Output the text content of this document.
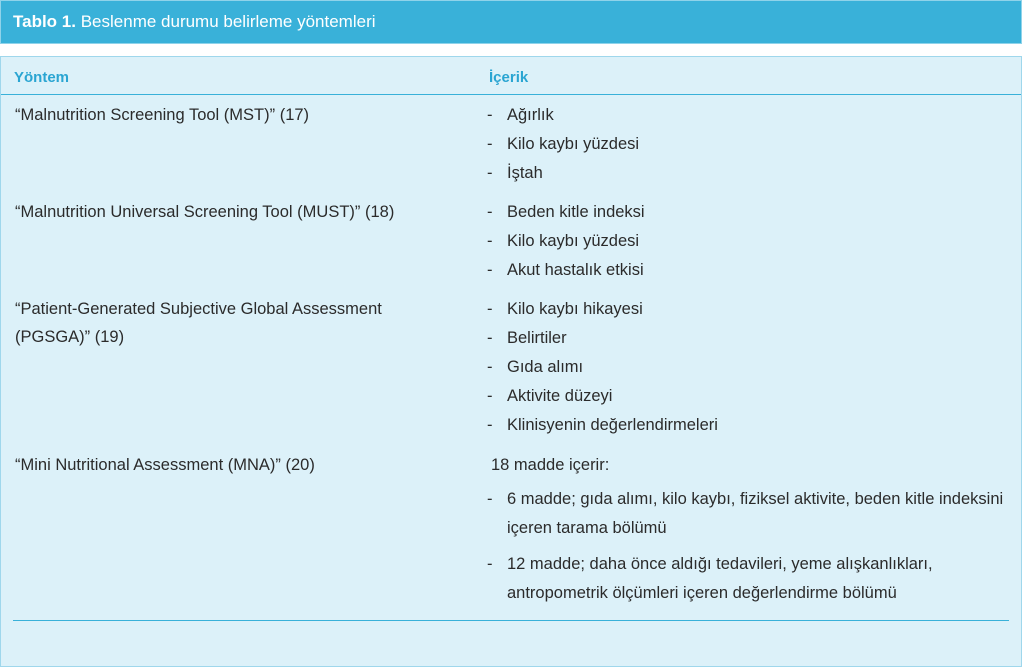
Tablo 1. Beslenme durumu belirleme yöntemleri
Yöntem	İçerik
“Malnutrition Screening Tool (MST)” (17)	- Ağırlık
- Kilo kaybı yüzdesi
- İştah
“Malnutrition Universal Screening Tool (MUST)” (18)	- Beden kitle indeksi
- Kilo kaybı yüzdesi
- Akut hastalık etkisi
“Patient-Generated Subjective Global Assessment (PGSGA)” (19)
- Kilo kaybı hikayesi
- Belirtiler
- Gıda alımı
- Aktivite düzeyi
- Klinisyenin değerlendirmeleri
“Mini Nutritional Assessment (MNA)” (20)	18 madde içerir:
- 6 madde; gıda alımı, kilo kaybı, fiziksel aktivite, beden kitle indeksini içeren tarama bölümü
- 12 madde; daha önce aldığı tedavileri, yeme alışkanlıkları, antropometrik ölçümleri içeren değerlendirme bölümü
